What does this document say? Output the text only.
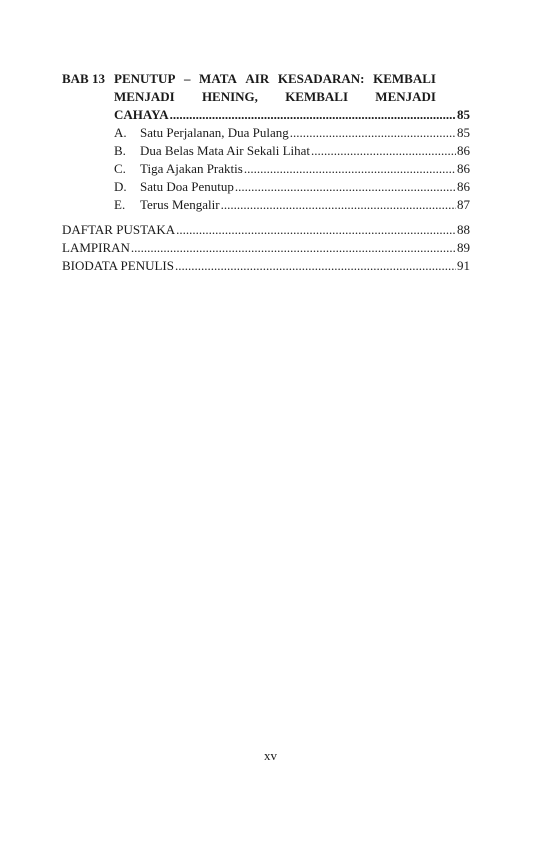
BAB 13 PENUTUP – MATA AIR KESADARAN: KEMBALI
MENJADI HENING, KEMBALI MENJADI
CAHAYA .....	85
A.	Satu Perjalanan, Dua Pulang .....	85
B.	Dua Belas Mata Air Sekali Lihat .....	86
C.	Tiga Ajakan Praktis .....	86
D.	Satu Doa Penutup .....	86
E.	Terus Mengalir .....	87
DAFTAR PUSTAKA .....	88
LAMPIRAN .....	89
BIODATA PENULIS .....	91
xv
